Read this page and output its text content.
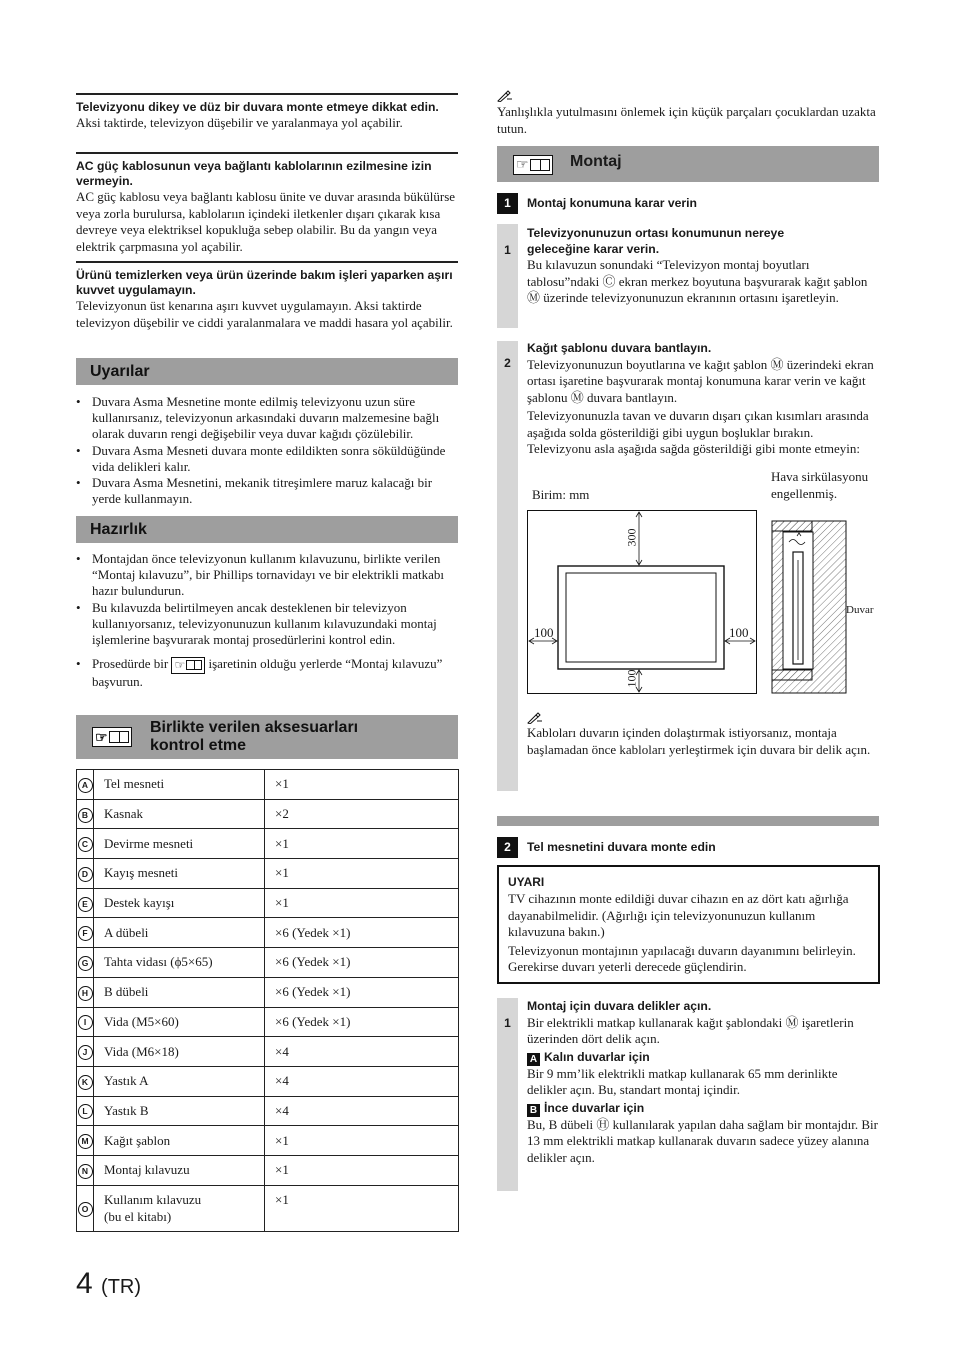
Televizyonu dikey ve düz bir duvara monte etmeye dikkat edin.
Aksi taktirde, televizyon düşebilir ve yaralanmaya yol açabilir.
AC güç kablosunun veya bağlantı kablolarının ezilmesine izin vermeyin.
AC güç kablosu veya bağlantı kablosu ünite ve duvar arasında bükülürse veya zorla burulursa, kablolarıın içindeki iletkenler dışarı çıkarak kısa devreye veya elektriksel kopukluğa sebep olabilir. Bu da yangın veya elektrik çarpmasına yol açabilir.
Ürünü temizlerken veya ürün üzerinde bakım işleri yaparken aşırı kuvvet uygulamayın.
Televizyonun üst kenarına aşırı kuvvet uygulamayın. Aksi taktirde televizyon düşebilir ve ciddi yaralanmalara ve maddi hasara yol açabilir.
Uyarılar
• Duvara Asma Mesnetine monte edilmiş televizyonu uzun süre kullanırsanız, televizyonun arkasındaki duvarın malzemesine bağlı olarak duvarın rengi değişebilir veya duvar kağıdı çözülebilir.
• Duvara Asma Mesneti duvara monte edildikten sonra söküldüğünde vida delikleri kalır.
• Duvara Asma Mesnetini, mekanik titreşimlere maruz kalacağı bir yerde kullanmayın.
Hazırlık
• Montajdan önce televizyonun kullanım kılavuzunu, birlikte verilen “Montaj kılavuzu”, bir Phillips tornavidayı ve bir elektrikli matkabı hazır bulundurun.
• Bu kılavuzda belirtilmeyen ancak desteklenen bir televizyon kullanıyorsanız, televizyonunuzun kullanım kılavuzundaki montaj işlemlerine başvurarak montaj prosedürlerini kontrol edin.
• Prosedürde bir ☞ işaretinin olduğu yerlerde “Montaj kılavuzu” başvurun.
☞
Birlikte verilen aksesuarları
kontrol etme
A	Tel mesneti	×1
B	Kasnak	×2
C	Devirme mesneti	×1
D	Kayış mesneti	×1
E	Destek kayışı	×1
F	A dübeli	×6 (Yedek ×1)
G	Tahta vidası (ϕ5×65)	×6 (Yedek ×1)
H	B dübeli	×6 (Yedek ×1)
I	Vida (M5×60)	×6 (Yedek ×1)
J	Vida (M6×18)	×4
K	Yastık A	×4
L	Yastık B	×4
M	Kağıt şablon	×1
N	Montaj kılavuzu	×1
O	Kullanım kılavuzu
(bu el kitabı)	×1
4 (TR)
Yanlışlıkla yutulmasını önlemek için küçük parçaları çocuklardan uzakta tutun.
☞	Montaj
1	Montaj konumuna karar verin
1
Televizyonunuzun ortası konumunun nereye
geleceğine karar verin.
Bu kılavuzun sonundaki “Televizyon montaj boyutları tablosu”ndaki Ⓒ ekran merkez boyutuna başvurarak kağıt şablon Ⓜ üzerinde televizyonunuzun ekranının ortasını işaretleyin.
2
Kağıt şablonu duvara bantlayın.
Televizyonunuzun boyutlarına ve kağıt şablon Ⓜ üzerindeki ekran ortası işaretine başvurarak montaj konumuna karar verin ve kağıt şablonu Ⓜ duvara bantlayın.
Televizyonunuzla tavan ve duvarın dışarı çıkan kısımları arasında aşağıda solda gösterildiği gibi uygun boşluklar bırakın. Televizyonu asla aşağıda sağda gösterildiği gibi monte etmeyin:
Birim: mm
Hava sirkülasyonu
engellenmiş.
300
100	100
100
Duvar
Kabloları duvarın içinden dolaştırmak istiyorsanız, montaja başlamadan önce kabloları yerleştirmek için duvara bir delik açın.
2	Tel mesnetini duvara monte edin
UYARI
TV cihazının monte edildiği duvar cihazın en az dört katı ağırlığa dayanabilmelidir. (Ağırlığı için televizyonunuzun kullanım kılavuzuna bakın.)
Televizyonun montajının yapılacağı duvarın dayanımını belirleyin. Gerekirse duvarı yeterli derecede güçlendirin.
1
Montaj için duvara delikler açın.
Bir elektrikli matkap kullanarak kağıt şablondaki Ⓜ işaretlerin üzerinden dört delik açın.
A Kalın duvarlar için
Bir 9 mm’lik elektrikli matkap kullanarak 65 mm derinlikte delikler açın. Bu, standart montaj içindir.
B İnce duvarlar için
Bu, B dübeli Ⓗ kullanılarak yapılan daha sağlam bir montajdır. Bir 13 mm elektrikli matkap kullanarak duvarın sadece yüzey alanına delikler açın.
